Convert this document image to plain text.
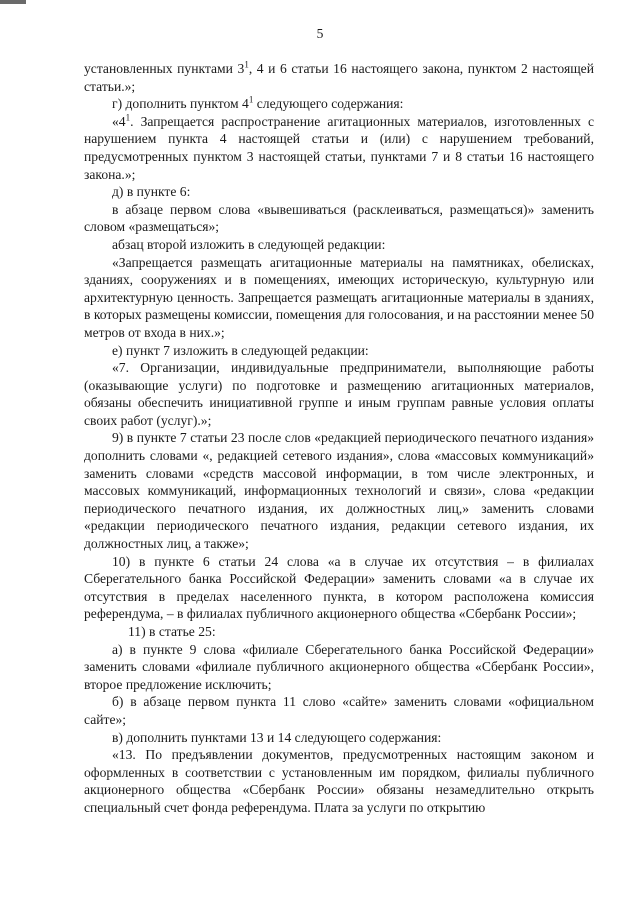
5

установленных пунктами $3^1$, 4 и 6 статьи 16 настоящего закона, пунктом 2 настоящей статьи.»;

г) дополнить пунктом $4^1$ следующего содержания:

«$4^1$. Запрещается распространение агитационных материалов, изготовленных с нарушением пункта 4 настоящей статьи и (или) с нарушением требований, предусмотренных пунктом 3 настоящей статьи, пунктами 7 и 8 статьи 16 настоящего закона.»;

д) в пункте 6:

в абзаце первом слова «вывешиваться (расклеиваться, размещаться)» заменить словом «размещаться»;

абзац второй изложить в следующей редакции:

«Запрещается размещать агитационные материалы на памятниках, обелисках, зданиях, сооружениях и в помещениях, имеющих историческую, культурную или архитектурную ценность. Запрещается размещать агитационные материалы в зданиях, в которых размещены комиссии, помещения для голосования, и на расстоянии менее 50 метров от входа в них.»;

е) пункт 7 изложить в следующей редакции:

«7. Организации, индивидуальные предприниматели, выполняющие работы (оказывающие услуги) по подготовке и размещению агитационных материалов, обязаны обеспечить инициативной группе и иным группам равные условия оплаты своих работ (услуг).»;

9) в пункте 7 статьи 23 после слов «редакцией периодического печатного издания» дополнить словами «, редакцией сетевого издания», слова «массовых коммуникаций» заменить словами «средств массовой информации, в том числе электронных, и массовых коммуникаций, информационных технологий и связи», слова «редакции периодического печатного издания, их должностных лиц,» заменить словами «редакции периодического печатного издания, редакции сетевого издания, их должностных лиц, а также»;

10) в пункте 6 статьи 24 слова «а в случае их отсутствия – в филиалах Сберегательного банка Российской Федерации» заменить словами «а в случае их отсутствия в пределах населенного пункта, в котором расположена комиссия референдума, – в филиалах публичного акционерного общества «Сбербанк России»;

11) в статье 25:

а) в пункте 9 слова «филиале Сберегательного банка Российской Федерации» заменить словами «филиале публичного акционерного общества «Сбербанк России», второе предложение исключить;

б) в абзаце первом пункта 11 слово «сайте» заменить словами «официальном сайте»;

в) дополнить пунктами 13 и 14 следующего содержания:

«13. По предъявлении документов, предусмотренных настоящим законом и оформленных в соответствии с установленным им порядком, филиалы публичного акционерного общества «Сбербанк России» обязаны незамедлительно открыть специальный счет фонда референдума. Плата за услуги по открытию
